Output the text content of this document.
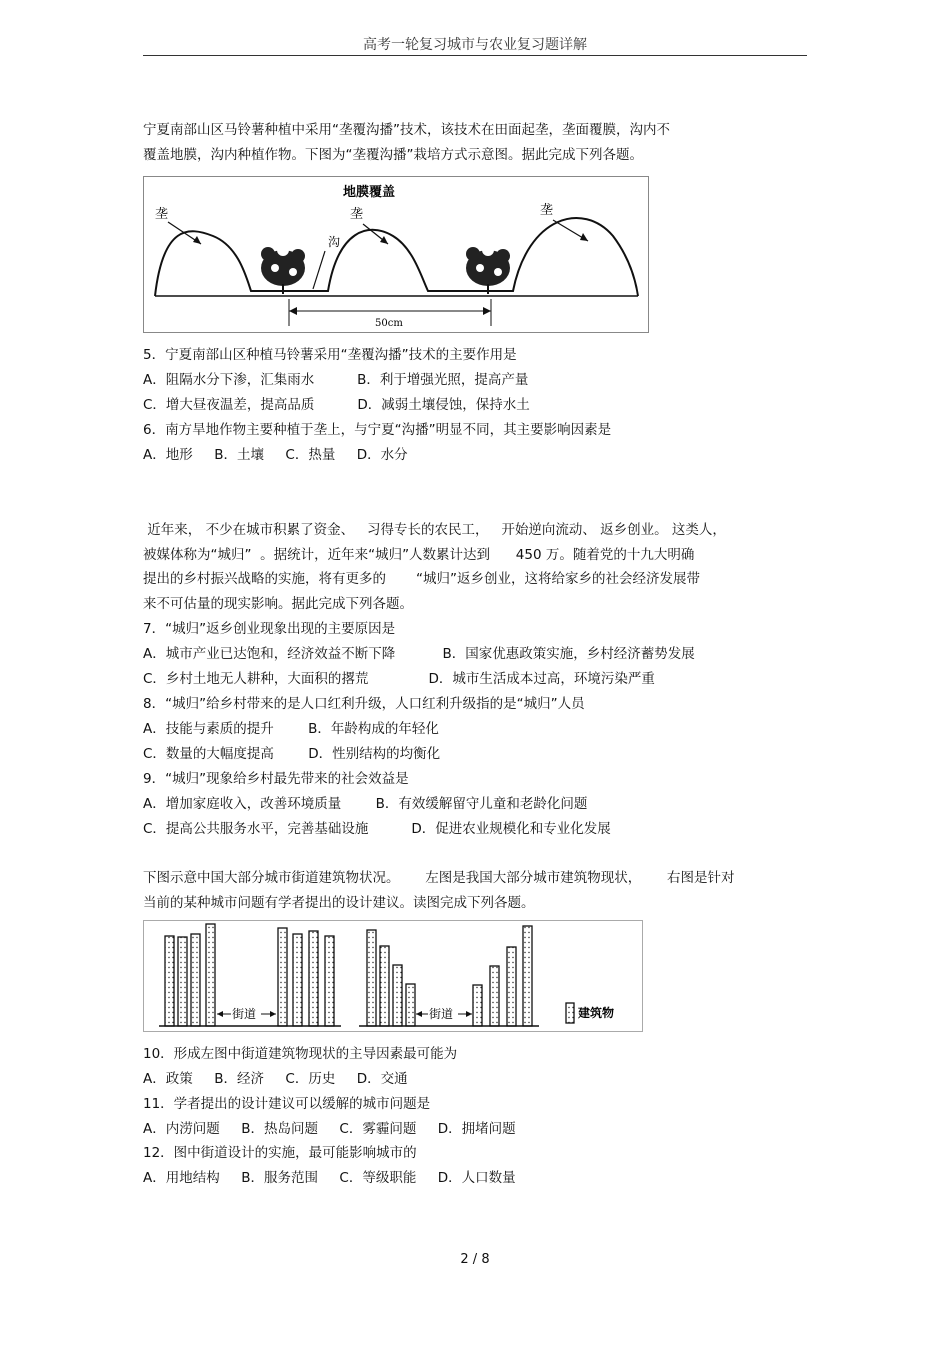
高考一轮复习城市与农业复习题详解
宁夏南部山区马铃薯种植中采用“垄覆沟播”技术，该技术在田面起垄，垄面覆膜，沟内不
覆盖地膜，沟内种植作物。下图为“垄覆沟播”栽培方式示意图。据此完成下列各题。
地膜覆盖
垄	垄	垄
沟
50cm
5．宁夏南部山区种植马铃薯采用“垄覆沟播”技术的主要作用是
A．阻隔水分下渗，汇集雨水          B．利于增强光照，提高产量
C．增大昼夜温差，提高品质          D．减弱土壤侵蚀，保持水土
6．南方旱地作物主要种植于垄上，与宁夏“沟播”明显不同，其主要影响因素是
A．地形     B．土壤     C．热量     D．水分
近年来， 不少在城市积累了资金、   习得专长的农民工，   开始逆向流动、 返乡创业。 这类人，
被媒体称为“城归”  。据统计，近年来“城归”人数累计达到      450 万。随着党的十九大明确
提出的乡村振兴战略的实施，将有更多的       “城归”返乡创业，这将给家乡的社会经济发展带
来不可估量的现实影响。据此完成下列各题。
7．“城归”返乡创业现象出现的主要原因是
A．城市产业已达饱和，经济效益不断下降           B．国家优惠政策实施，乡村经济蓄势发展
C．乡村土地无人耕种，大面积的撂荒              D．城市生活成本过高，环境污染严重
8．“城归”给乡村带来的是人口红利升级，人口红利升级指的是“城归”人员
A．技能与素质的提升        B．年龄构成的年轻化
C．数量的大幅度提高        D．性别结构的均衡化
9．“城归”现象给乡村最先带来的社会效益是
A．增加家庭收入，改善环境质量        B．有效缓解留守儿童和老龄化问题
C．提高公共服务水平，完善基础设施          D．促进农业规模化和专业化发展
下图示意中国大部分城市街道建筑物状况。      左图是我国大部分城市建筑物现状，      右图是针对
当前的某种城市问题有学者提出的设计建议。读图完成下列各题。
街道	街道	建筑物
10．形成左图中街道建筑物现状的主导因素最可能为
A．政策     B．经济     C．历史     D．交通
11．学者提出的设计建议可以缓解的城市问题是
A．内涝问题     B．热岛问题     C．雾霾问题     D．拥堵问题
12．图中街道设计的实施，最可能影响城市的
A．用地结构     B．服务范围     C．等级职能     D．人口数量
2 / 8
